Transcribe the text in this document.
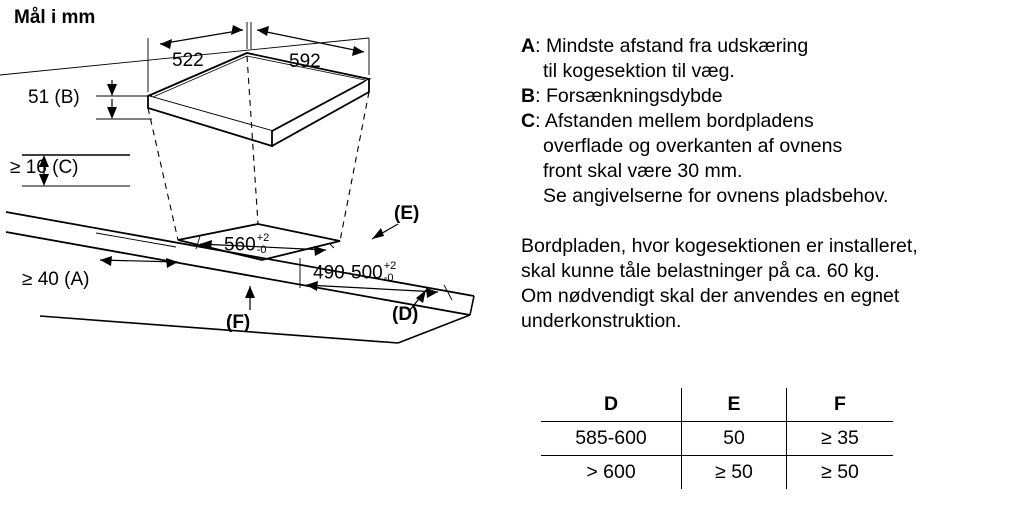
Mål i mm
522	592
51 (B)
≥ 16 (C)
≥ 40 (A)
560 +2
-0
490-500 +2
-0
(E)
(F)	(D)
A: Mindste afstand fra udskæring
til kogesektion til væg.
B: Forsænkningsdybde
C: Afstanden mellem bordpladens
overflade og overkanten af ovnens
front skal være 30 mm.
Se angivelserne for ovnens pladsbehov.
Bordpladen, hvor kogesektionen er installeret,
skal kunne tåle belastninger på ca. 60 kg.
Om nødvendigt skal der anvendes en egnet
underkonstruktion.
D	E	F
585-600	50	≥ 35
> 600	≥ 50	≥ 50
